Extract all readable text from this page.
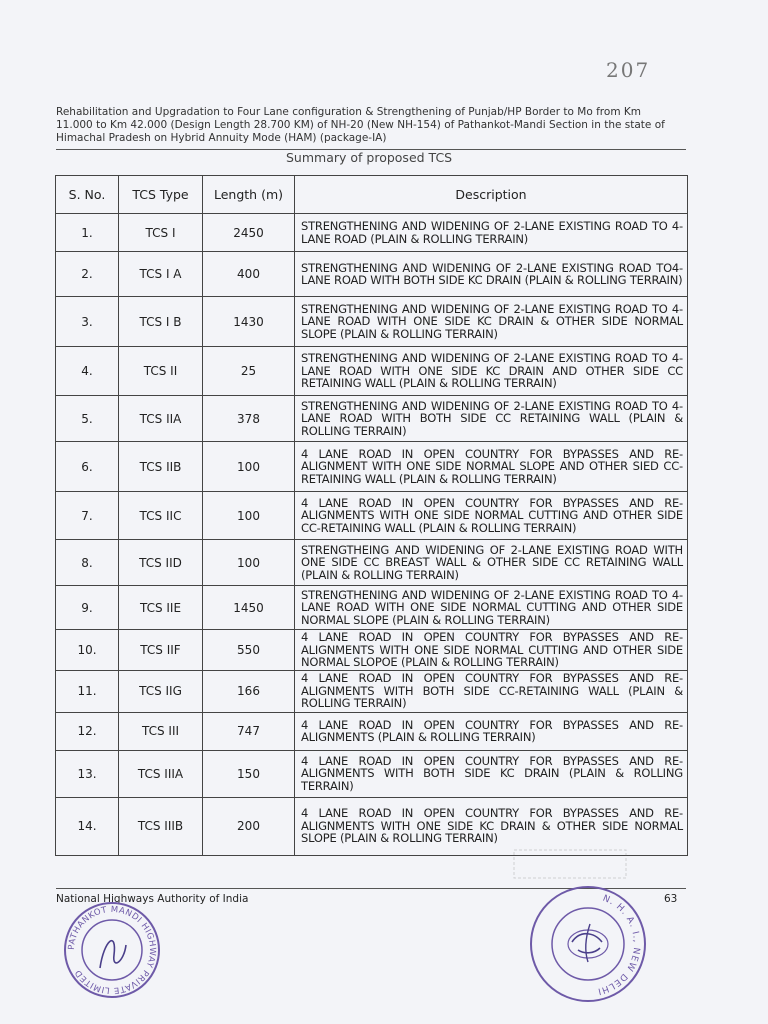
207
Rehabilitation and Upgradation to Four Lane configuration & Strengthening of Punjab/HP Border to Mo from Km 11.000 to Km 42.000 (Design Length 28.700 KM) of NH-20 (New NH-154) of Pathankot-Mandi Section in the state of Himachal Pradesh on Hybrid Annuity Mode (HAM) (package-IA)
Summary of proposed TCS
S. No.	TCS Type	Length (m)	Description
1.	TCS I	2450	STRENGTHENING AND WIDENING OF 2-LANE EXISTING ROAD TO 4-LANE ROAD (PLAIN & ROLLING TERRAIN)
2.	TCS I A	400	STRENGTHENING AND WIDENING OF 2-LANE EXISTING ROAD TO4-LANE ROAD WITH BOTH SIDE KC DRAIN (PLAIN & ROLLING TERRAIN)
3.	TCS I B	1430	STRENGTHENING AND WIDENING OF 2-LANE EXISTING ROAD TO 4-LANE ROAD WITH ONE SIDE KC DRAIN & OTHER SIDE NORMAL SLOPE (PLAIN & ROLLING TERRAIN)
4.	TCS II	25	STRENGTHENING AND WIDENING OF 2-LANE EXISTING ROAD TO 4-LANE ROAD WITH ONE SIDE KC DRAIN AND OTHER SIDE CC RETAINING WALL (PLAIN & ROLLING TERRAIN)
5.	TCS IIA	378	STRENGTHENING AND WIDENING OF 2-LANE EXISTING ROAD TO 4-LANE ROAD WITH BOTH SIDE CC RETAINING WALL (PLAIN & ROLLING TERRAIN)
6.	TCS IIB	100	4 LANE ROAD IN OPEN COUNTRY FOR BYPASSES AND RE-ALIGNMENT WITH ONE SIDE NORMAL SLOPE AND OTHER SIED CC-RETAINING WALL (PLAIN & ROLLING TERRAIN)
7.	TCS IIC	100	4 LANE ROAD IN OPEN COUNTRY FOR BYPASSES AND RE-ALIGNMENTS WITH ONE SIDE NORMAL CUTTING AND OTHER SIDE CC-RETAINING WALL (PLAIN & ROLLING TERRAIN)
8.	TCS IID	100	STRENGTHEING AND WIDENING OF 2-LANE EXISTING ROAD WITH ONE SIDE CC BREAST WALL & OTHER SIDE CC RETAINING WALL (PLAIN & ROLLING TERRAIN)
9.	TCS IIE	1450	STRENGTHENING AND WIDENING OF 2-LANE EXISTING ROAD TO 4-LANE ROAD WITH ONE SIDE NORMAL CUTTING AND OTHER SIDE NORMAL SLOPE (PLAIN & ROLLING TERRAIN)
10.	TCS IIF	550	4 LANE ROAD IN OPEN COUNTRY FOR BYPASSES AND RE-ALIGNMENTS WITH ONE SIDE NORMAL CUTTING AND OTHER SIDE NORMAL SLOPOE (PLAIN & ROLLING TERRAIN)
11.	TCS IIG	166	4 LANE ROAD IN OPEN COUNTRY FOR BYPASSES AND RE-ALIGNMENTS WITH BOTH SIDE CC-RETAINING WALL (PLAIN & ROLLING TERRAIN)
12.	TCS III	747	4 LANE ROAD IN OPEN COUNTRY FOR BYPASSES AND RE-ALIGNMENTS (PLAIN & ROLLING TERRAIN)
13.	TCS IIIA	150	4 LANE ROAD IN OPEN COUNTRY FOR BYPASSES AND RE-ALIGNMENTS WITH BOTH SIDE KC DRAIN (PLAIN & ROLLING TERRAIN)
14.	TCS IIIB	200	4 LANE ROAD IN OPEN COUNTRY FOR BYPASSES AND RE-ALIGNMENTS WITH ONE SIDE KC DRAIN & OTHER SIDE NORMAL SLOPE (PLAIN & ROLLING TERRAIN)
National Highways Authority of India	63
PATHANKOT MANDI HIGHWAY PRIVATE LIMITED
N. H. A. I., NEW DELHI
